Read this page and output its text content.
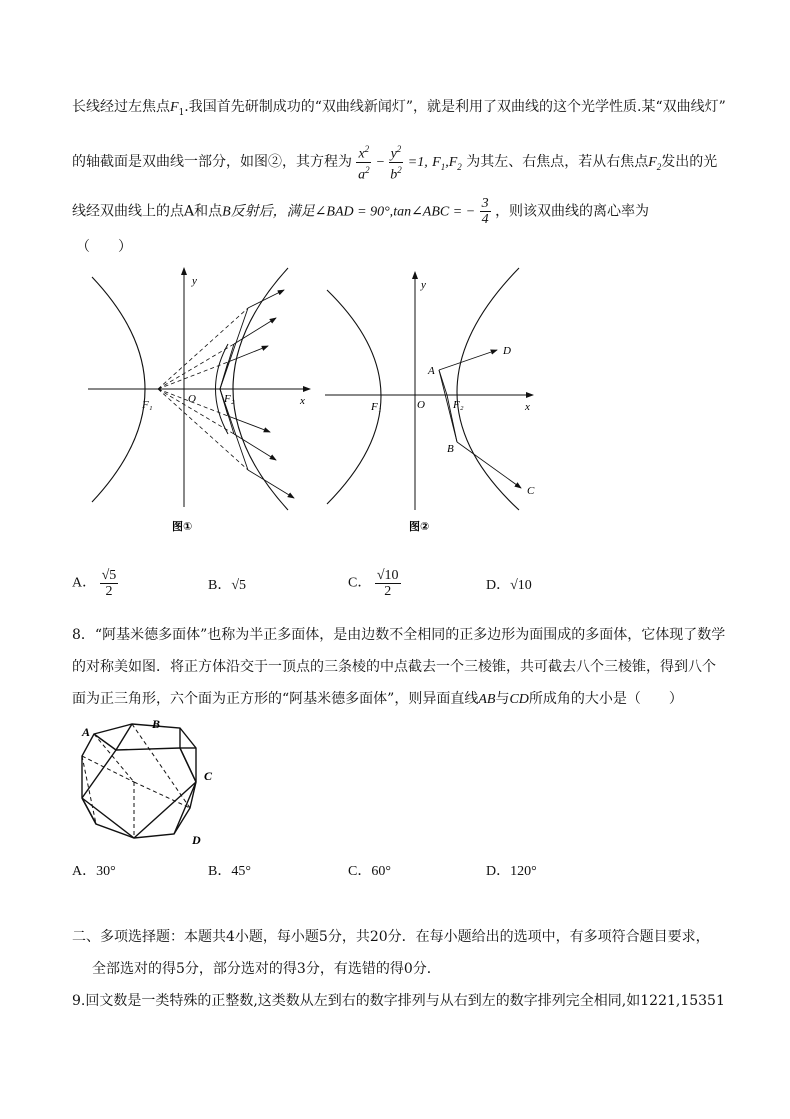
长线经过左焦点$F_1$.我国首先研制成功的“双曲线新闻灯”，就是利用了双曲线的这个光学性质.某“双曲线灯”
的轴截面是双曲线一部分，如图②，其方程为 $\frac{x^2}{a^2} - \frac{y^2}{b^2} =1$, $F_1,F_2$ 为其左、右焦点，若从右焦点$F_2$发出的光
线经双曲线上的点A和点B反射后，满足∠BAD = 90°,tan∠ABC = − $\frac{3}{4}$ ，则该双曲线的离心率为
（　　）
y
x
O
F₁	F₂
图①
y
x
O
F₁	F₂
A
B
D
C
图②
A． $\frac{√5}{2}$	B．√5	C． $\frac{√10}{2}$	D．√10
8．“阿基米德多面体”也称为半正多面体，是由边数不全相同的正多边形为面围成的多面体，它体现了数学
的对称美如图．将正方体沿交于一顶点的三条棱的中点截去一个三棱锥，共可截去八个三棱锥，得到八个
面为正三角形，六个面为正方形的“阿基米德多面体”，则异面直线AB与CD所成角的大小是（　　）
A
B
C
D
A．30°	B．45°	C．60°	D．120°
二、多项选择题：本题共4小题，每小题5分，共20分．在每小题给出的选项中，有多项符合题目要求，
全部选对的得5分，部分选对的得3分，有选错的得0分．
9.回文数是一类特殊的正整数,这类数从左到右的数字排列与从右到左的数字排列完全相同,如1221,15351
